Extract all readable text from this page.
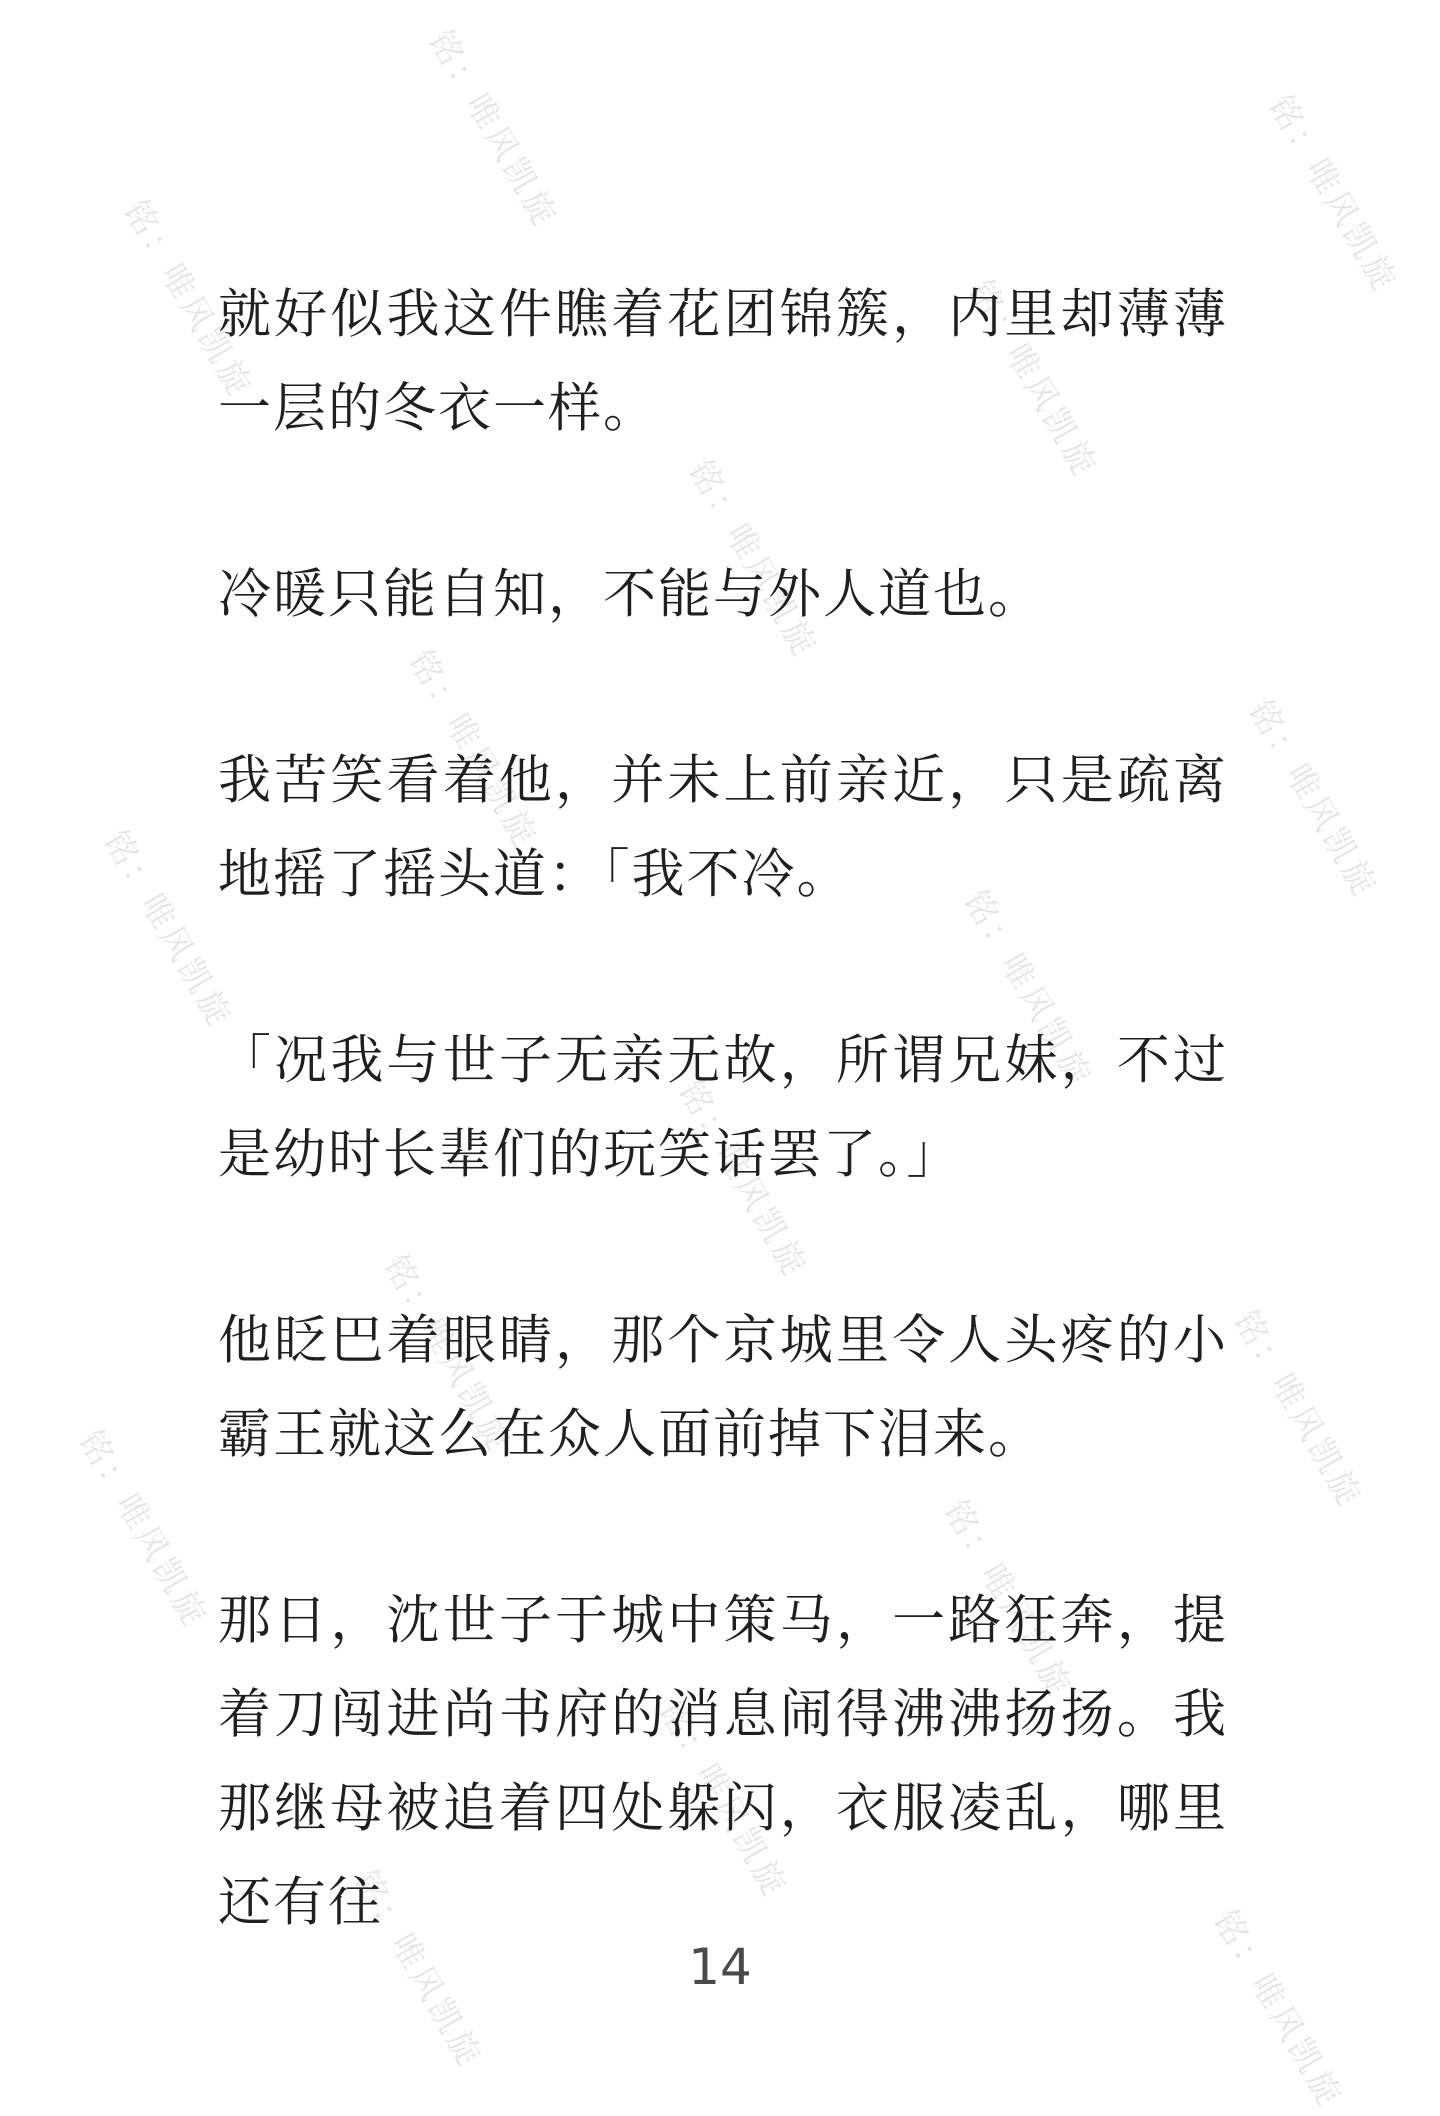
铭：唯风凯旋	铭：唯风凯旋
铭：唯风凯旋	铭：唯风凯旋
铭：唯风凯旋
铭：唯风凯旋	铭：唯风凯旋
铭：唯风凯旋	铭：唯风凯旋
铭：唯风凯旋
铭：唯风凯旋	铭：唯风凯旋
铭：唯风凯旋	铭：唯风凯旋
铭：唯风凯旋
铭：唯风凯旋	铭：唯风凯旋

就好似我这件瞧着花团锦簇，内里却薄薄一层的冬衣一样。

冷暖只能自知，不能与外人道也。

我苦笑看着他，并未上前亲近，只是疏离地摇了摇头道：「我不冷。

「况我与世子无亲无故，所谓兄妹，不过是幼时长辈们的玩笑话罢了。」

他眨巴着眼睛，那个京城里令人头疼的小霸王就这么在众人面前掉下泪来。

那日，沈世子于城中策马，一路狂奔，提着刀闯进尚书府的消息闹得沸沸扬扬。我那继母被追着四处躲闪，衣服凌乱，哪里还有往

14
